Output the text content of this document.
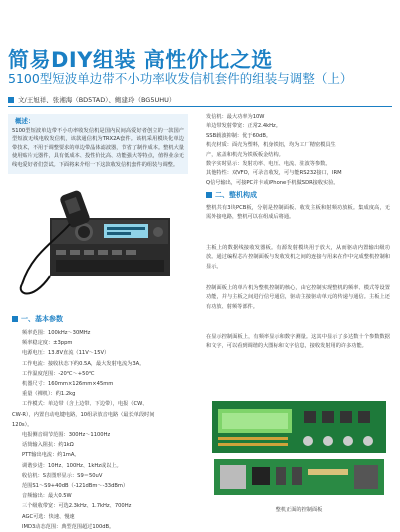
简易DIY组装 高性价比之选
5100型短波单边带不小功率收发信机套件的组装与调整（上）
文/王旭祥、张湘海（BD5TAD）、鲍建玲（BG5UHU）
概述：
5100型短波单边带不小功率收发信机是国内民间高爱好者创立的一款国产型短波无线电收发信机，该款通信机为TRX2A套件。该机采用模块化单边带技术，不用于调整要求的单边带晶体滤波器，节省了制作成本。整机大量使用贴片元器件，具有低成本、投性价比高、功能强大等特点，值得业余无线电爱好者们尝试。下面将来介绍一下这款收发信机套件的组装与调整。
一、基本参数
频率范围：100kHz～30MHz
频率稳定度：±3ppm
电源电压：13.8V直流（11V～15V）
工作电流：接收状态下约0.5A，最大发射电流为3A。
工作温度范围：-20℃～+50℃
机器尺寸：160mm×126mm×45mm
重量（裸机）：约1.2kg
工作模式：单边带（含上边带、下边带），电报（CW、
CW-R），内置自动电键电路，10组录放音电路（最长单段时间
120s）。
电报侧音调节范围：300Hz～1100Hz
话筒输入阻抗：约1kΩ
PTT输出电流：约1mA。
调谐步进：10Hz、100Hz、1kHz或以上。
收信机：S表图形显示：S9＝50uV
范围S1～S9+40dB（-121dBm～-33dBm）
音频输出：最大0.5W
三个级收带宽：可选2.3kHz、1.7kHz、700Hz
AGC可选：快速、慢速
IMD3动态范围：典型范围超过100dB。
发信机：最大功率为10W
单边带发射带宽：正常2.4kHz。
SSB载波抑制：优于60dB。
机壳材质：面壳为塑料，机身铁铝，均为工厂精密模具生
产，底盖和机壳为铁板板金结构。
数字实时显示：发射功率、电压、电流、驻波等参数。
其他特性：双VFO，可录音收发，可与能RS232接口，IRM
Q信号输出，可接PC并卡或iPhone手机做SDR接收实验。
二、整机构成
整机共有3块PCB板，分别是控制面板、收发主板和射频功放板。集成度高，无需外接电路，整机可以在组成后将通。
主板上的数据线接收发器板。有源发射模块用于放大，从而驱动内置输出级功放。通过编程芯片控制面板与发收发机之间的连接与用来在作中完成整机控制和显示。
控制面板上的单片机为整机控制的核心，由它控制实现整机的频率、模式等设置功能，并与主板之间进行信号通信，驱动主接驱动单元的传递与通信。主板上还有功放、射频等部件。
在显示控制面板上，有频率显示和数字测量。这其中显示了多达数十个参数数据和文字，可以看到调谐的大图标和文字信息，接收发射用的许多功能。
整机正面的控制面板
